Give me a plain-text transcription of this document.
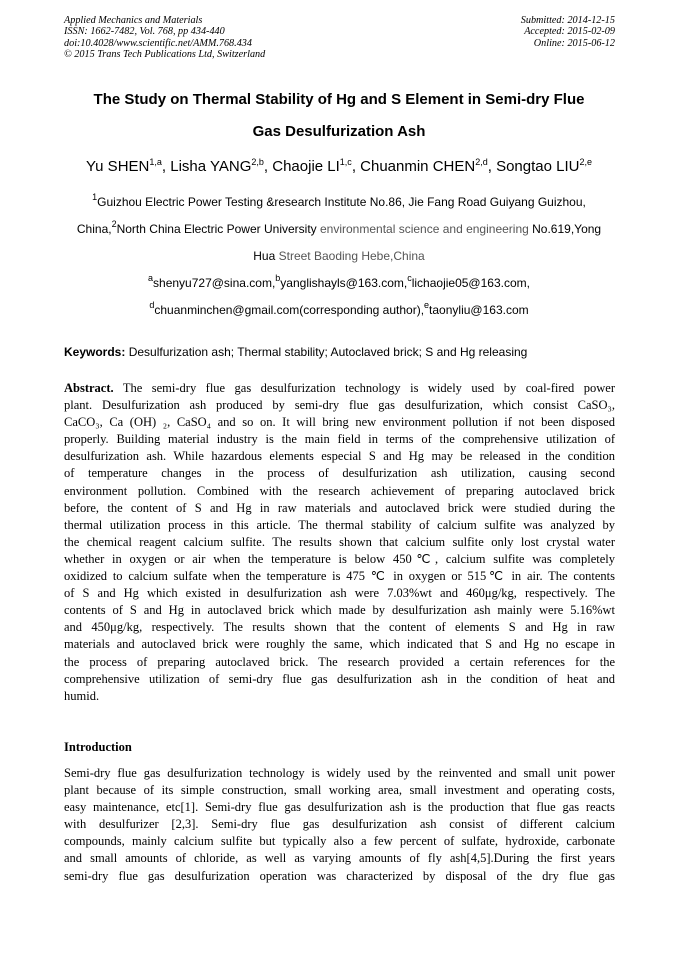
Applied Mechanics and Materials
ISSN: 1662-7482, Vol. 768, pp 434-440
doi:10.4028/www.scientific.net/AMM.768.434
© 2015 Trans Tech Publications Ltd, Switzerland
Submitted: 2014-12-15
Accepted: 2015-02-09
Online: 2015-06-12
The Study on Thermal Stability of Hg and S Element in Semi-dry Flue
Gas Desulfurization Ash
Yu SHEN$^{1,a}$, Lisha YANG$^{2,b}$, Chaojie LI$^{1,c}$, Chuanmin CHEN$^{2,d}$, Songtao LIU$^{2,e}$
$^1$Guizhou Electric Power Testing &research Institute No.86, Jie Fang Road Guiyang Guizhou,
China,$^2$North China Electric Power University environmental science and engineering No.619,Yong
Hua Street Baoding Hebe,China
$^a$shenyu727@sina.com,$^b$yanglishayls@163.com,$^c$lichaojie05@163.com,
$^d$chuanminchen@gmail.com(corresponding author),$^e$taonyliu@163.com
Keywords: Desulfurization ash; Thermal stability; Autoclaved brick; S and Hg releasing
Abstract. The semi-dry flue gas desulfurization technology is widely used by coal-fired power
plant. Desulfurization ash produced by semi-dry flue gas desulfurization, which consist CaSO₃,
CaCO₃, Ca (OH) ₂, CaSO₄ and so on. It will bring new environment pollution if not been disposed
properly. Building material industry is the main field in terms of the comprehensive utilization of
desulfurization ash. While hazardous elements especial S and Hg may be released in the condition
of temperature changes in the process of desulfurization ash utilization, causing second
environment pollution. Combined with the research achievement of preparing autoclaved brick
before, the content of S and Hg in raw materials and autoclaved brick were studied during the
thermal utilization process in this article. The thermal stability of calcium sulfite was analyzed by
the chemical reagent calcium sulfite. The results shown that calcium sulfite only lost crystal water
whether in oxygen or air when the temperature is below 450℃, calcium sulfite was completely
oxidized to calcium sulfate when the temperature is 475 ℃ in oxygen or 515℃ in air. The contents
of S and Hg which existed in desulfurization ash were 7.03%wt and 460μg/kg, respectively. The
contents of S and Hg in autoclaved brick which made by desulfurization ash mainly were 5.16%wt
and 450μg/kg, respectively. The results shown that the content of elements S and Hg in raw
materials and autoclaved brick were roughly the same, which indicated that S and Hg no escape in
the process of preparing autoclaved brick. The research provided a certain references for the
comprehensive utilization of semi-dry flue gas desulfurization ash in the condition of heat and
humid.
Introduction
Semi-dry flue gas desulfurization technology is widely used by the reinvented and small unit power
plant because of its simple construction, small working area, small investment and operating costs,
easy maintenance, etc[1]. Semi-dry flue gas desulfurization ash is the production that flue gas reacts
with desulfurizer [2,3]. Semi-dry flue gas desulfurization ash consist of different calcium
compounds, mainly calcium sulfite but typically also a few percent of sulfate, hydroxide, carbonate
and small amounts of chloride, as well as varying amounts of fly ash[4,5].During the first years
semi-dry flue gas desulfurization operation was characterized by disposal of the dry flue gas
